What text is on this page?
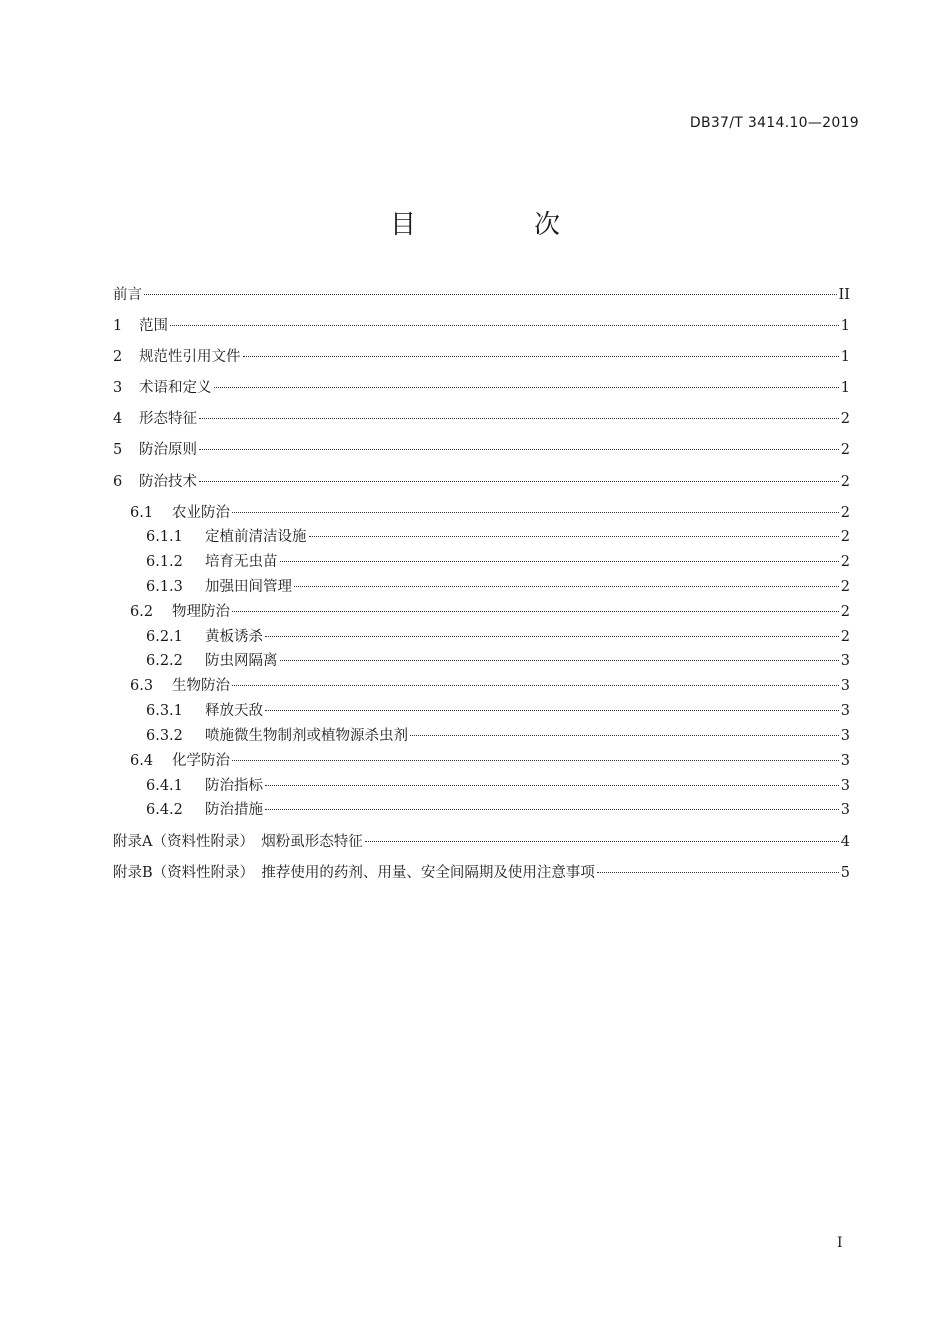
DB37/T 3414.10—2019
目　次
前言	II
1	范围	1
2	规范性引用文件	1
3	术语和定义	1
4	形态特征	2
5	防治原则	2
6	防治技术	2
6.1	农业防治	2
6.1.1	定植前清洁设施	2
6.1.2	培育无虫苗	2
6.1.3	加强田间管理	2
6.2	物理防治	2
6.2.1	黄板诱杀	2
6.2.2	防虫网隔离	3
6.3	生物防治	3
6.3.1	释放天敌	3
6.3.2	喷施微生物制剂或植物源杀虫剂	3
6.4	化学防治	3
6.4.1	防治指标	3
6.4.2	防治措施	3
附录A（资料性附录）　烟粉虱形态特征	4
附录B（资料性附录）　推荐使用的药剂、用量、安全间隔期及使用注意事项	5
I
